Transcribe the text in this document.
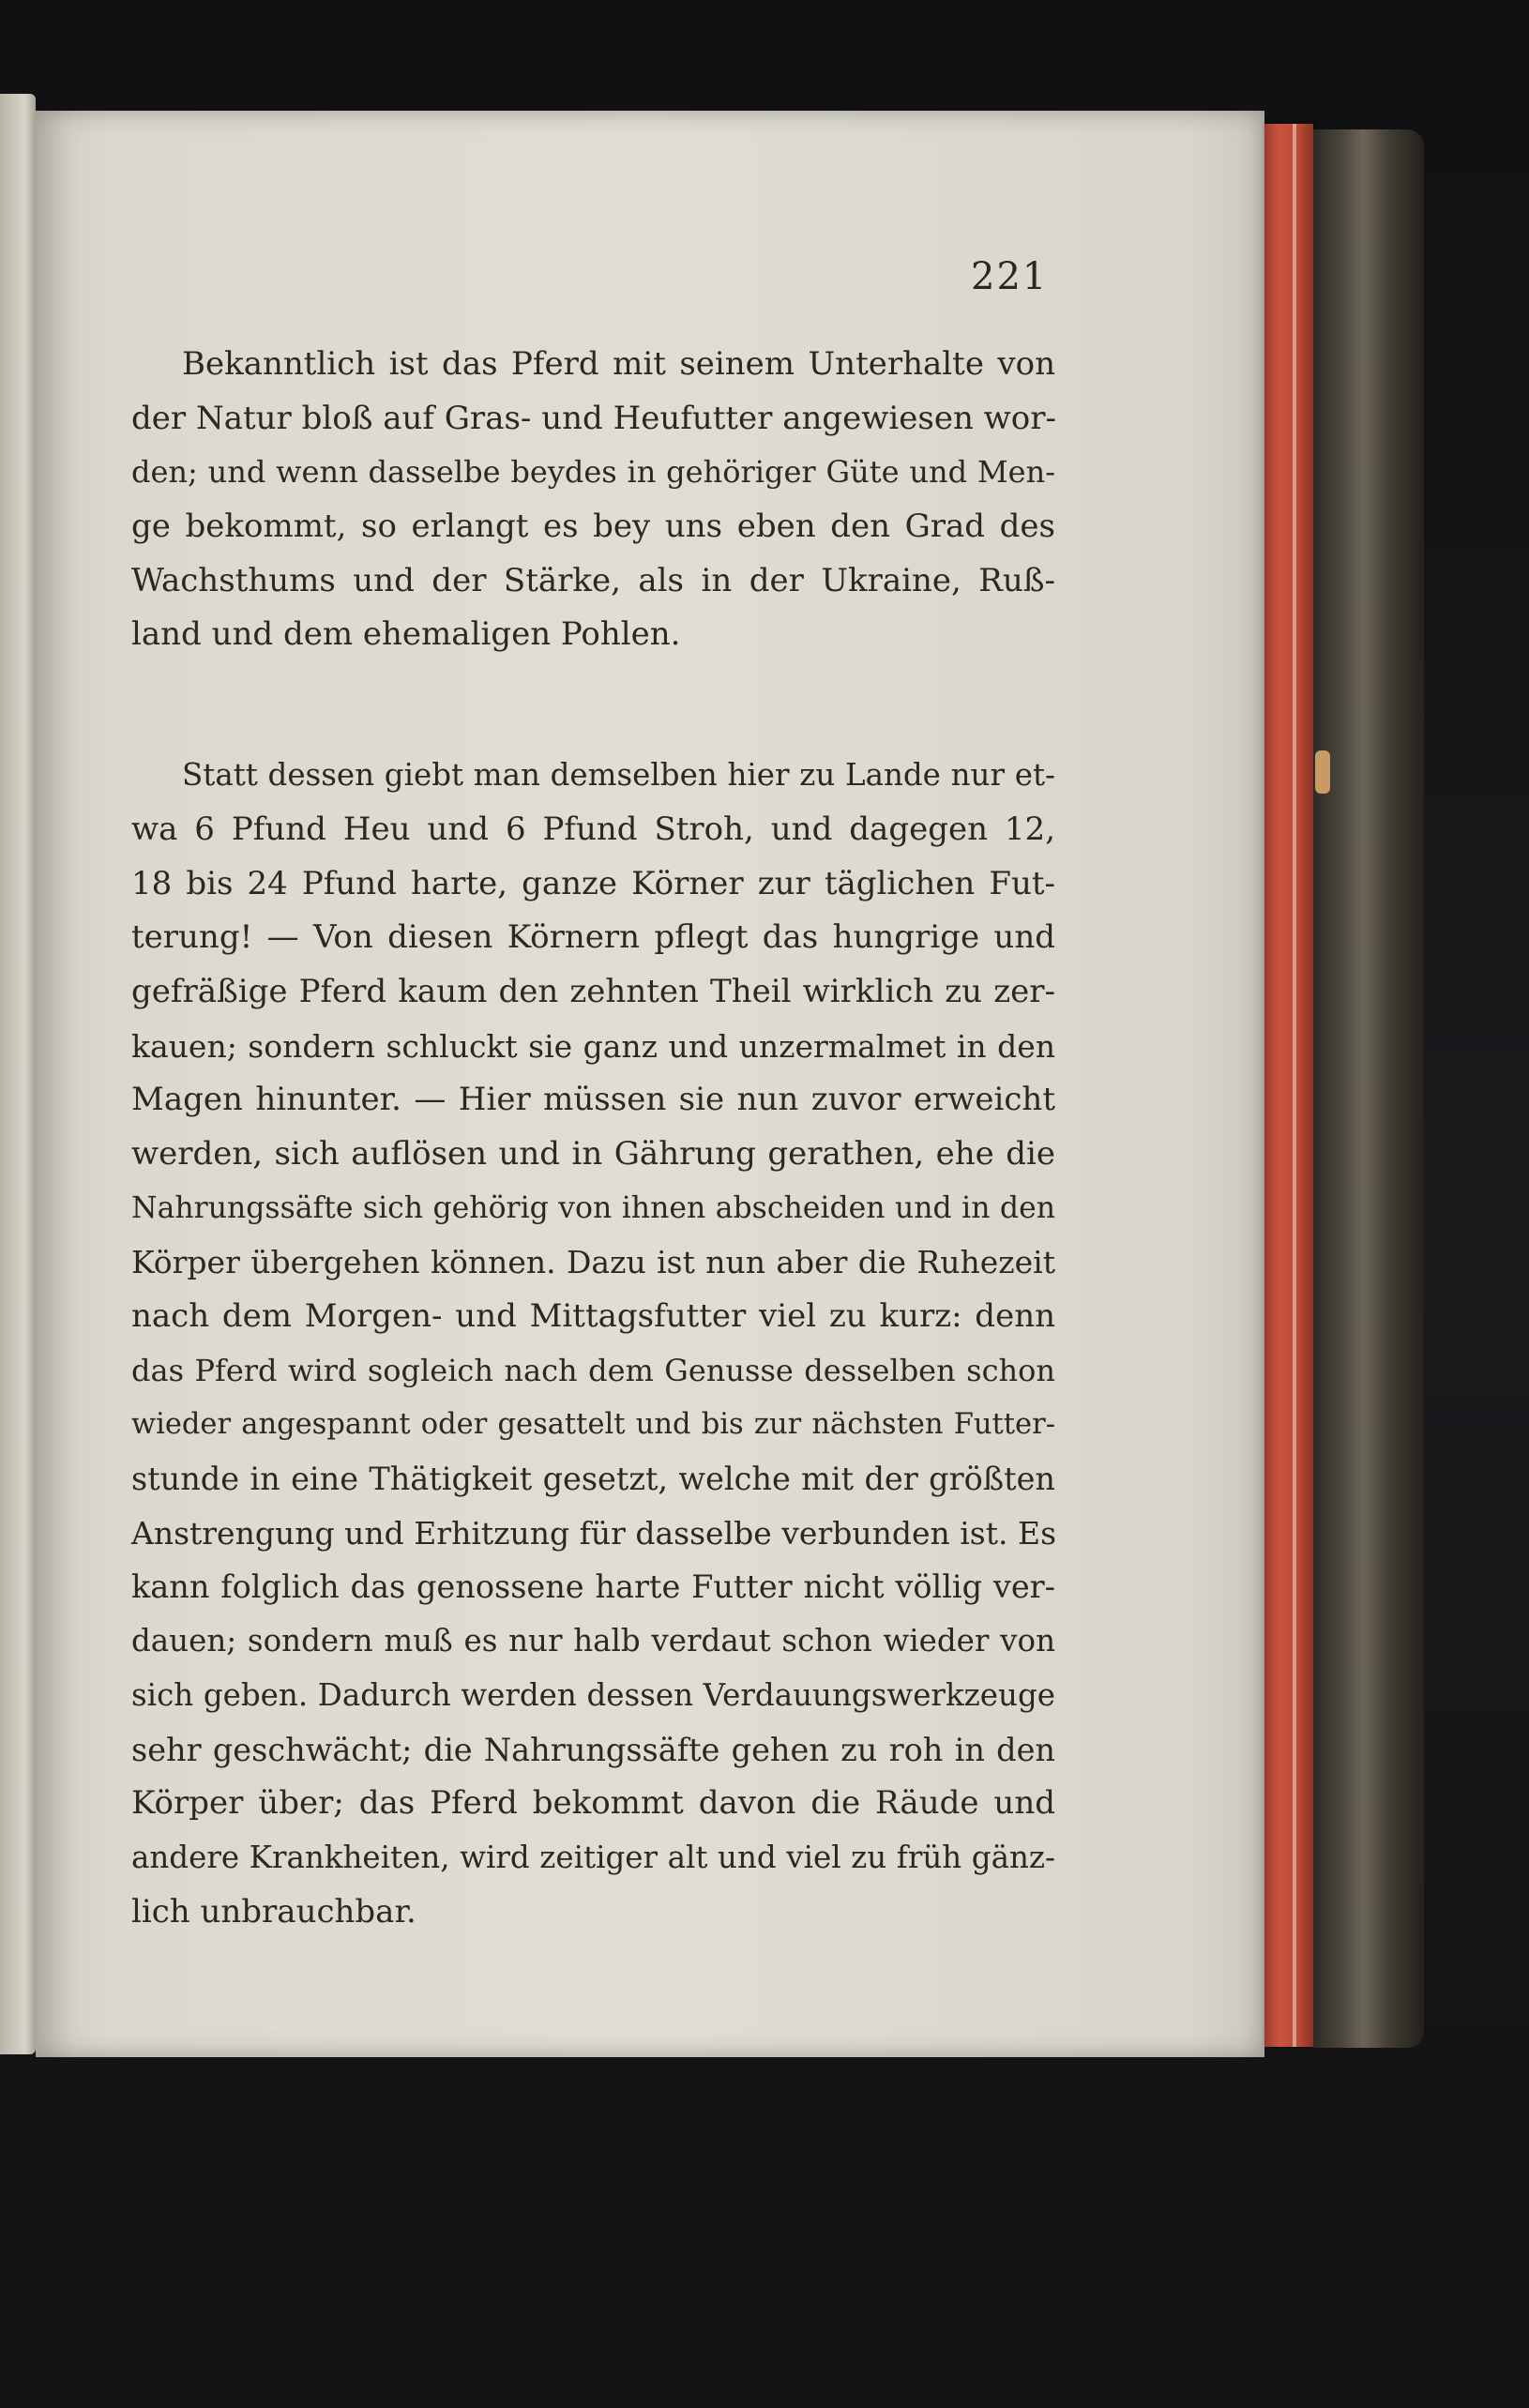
221
Bekanntlich ist das Pferd mit seinem Unterhalte von
der Natur bloß auf Gras- und Heufutter angewiesen wor-
den; und wenn dasselbe beydes in gehöriger Güte und Men-
ge bekommt, so erlangt es bey uns eben den Grad des
Wachsthums und der Stärke, als in der Ukraine, Ruß-
land und dem ehemaligen Pohlen.
Statt dessen giebt man demselben hier zu Lande nur et-
wa 6 Pfund Heu und 6 Pfund Stroh, und dagegen 12,
18 bis 24 Pfund harte, ganze Körner zur täglichen Fut-
terung! — Von diesen Körnern pflegt das hungrige und
gefräßige Pferd kaum den zehnten Theil wirklich zu zer-
kauen; sondern schluckt sie ganz und unzermalmet in den
Magen hinunter. — Hier müssen sie nun zuvor erweicht
werden, sich auflösen und in Gährung gerathen, ehe die
Nahrungssäfte sich gehörig von ihnen abscheiden und in den
Körper übergehen können. Dazu ist nun aber die Ruhezeit
nach dem Morgen- und Mittagsfutter viel zu kurz: denn
das Pferd wird sogleich nach dem Genusse desselben schon
wieder angespannt oder gesattelt und bis zur nächsten Futter-
stunde in eine Thätigkeit gesetzt, welche mit der größten
Anstrengung und Erhitzung für dasselbe verbunden ist. Es
kann folglich das genossene harte Futter nicht völlig ver-
dauen; sondern muß es nur halb verdaut schon wieder von
sich geben. Dadurch werden dessen Verdauungswerkzeuge
sehr geschwächt; die Nahrungssäfte gehen zu roh in den
Körper über; das Pferd bekommt davon die Räude und
andere Krankheiten, wird zeitiger alt und viel zu früh gänz-
lich unbrauchbar.
